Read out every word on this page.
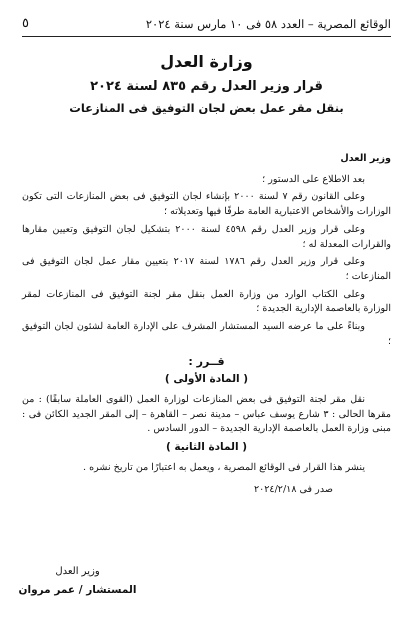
الوقائع المصرية – العدد ٥٨ فى ١٠ مارس سنة ٢٠٢٤
٥

وزارة العدل

قرار وزير العدل رقم ٨٣٥ لسنة ٢٠٢٤

بنقل مقر عمل بعض لجان التوفيق فى المنازعات

وزير العدل

بعد الاطلاع على الدستور ؛

وعلى القانون رقم ٧ لسنة ٢٠٠٠ بإنشاء لجان التوفيق فى بعض المنازعات التى تكون الوزارات والأشخاص الاعتبارية العامة طرفًا فيها وتعديلاته ؛

وعلى قرار وزير العدل رقم ٤٥٩٨ لسنة ٢٠٠٠ بتشكيل لجان التوفيق وتعيين مقارها والقرارات المعدلة له ؛

وعلى قرار وزير العدل رقم ١٧٨٦ لسنة ٢٠١٧ بتعيين مقار عمل لجان التوفيق فى المنازعات ؛

وعلى الكتاب الوارد من وزارة العمل بنقل مقر لجنة التوفيق فى المنازعات لمقر الوزارة بالعاصمة الإدارية الجديدة ؛

وبناءً على ما عرضه السيد المستشار المشرف على الإدارة العامة لشئون لجان التوفيق ؛

قــرر :

( المادة الأولى )

نقل مقر لجنة التوفيق فى بعض المنازعات لوزارة العمل (القوى العاملة سابقًا) : من مقرها الحالى : ٣ شارع يوسف عباس – مدينة نصر – القاهرة – إلى المقر الجديد الكائن فى : مبنى وزارة العمل بالعاصمة الإدارية الجديدة – الدور السادس .

( المادة الثانية )

ينشر هذا القرار فى الوقائع المصرية ، ويعمل به اعتبارًا من تاريخ نشره .

صدر فى ٢٠٢٤/٢/١٨

وزير العدل
المستشار / عمر مروان
